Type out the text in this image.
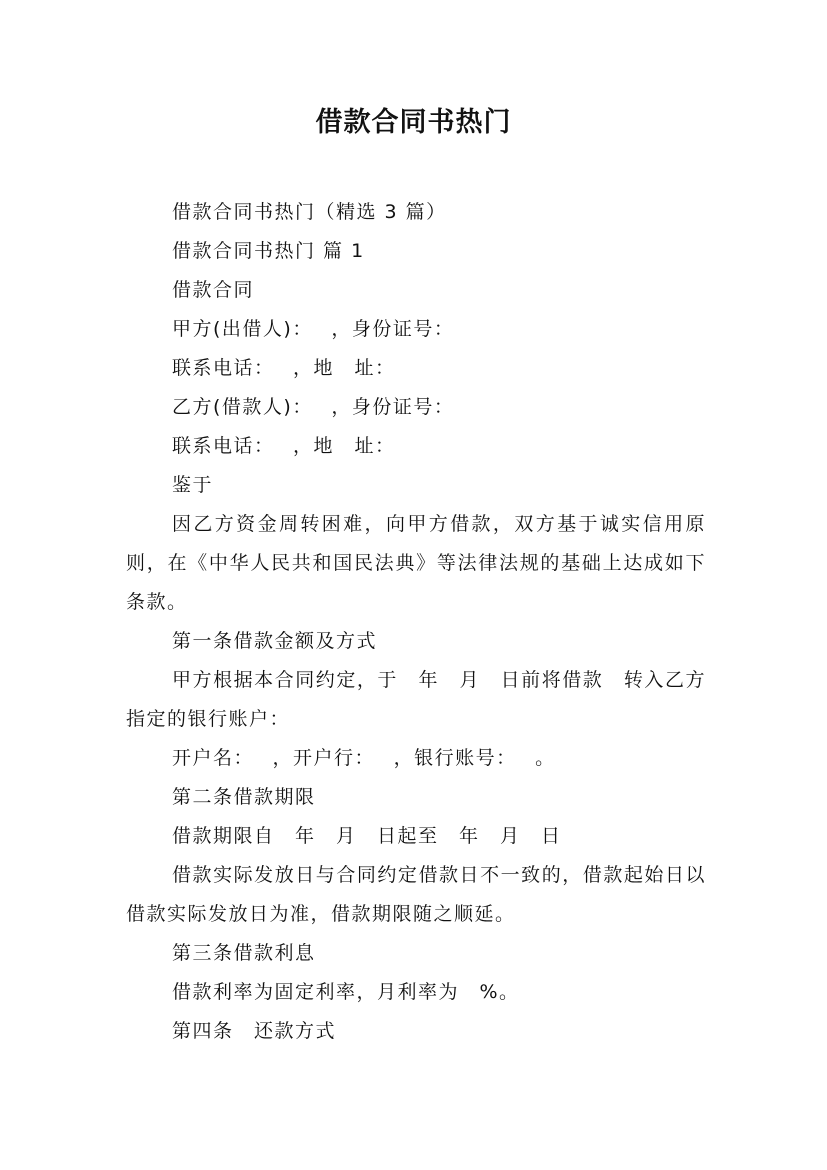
借款合同书热门

借款合同书热门（精选 3 篇）

借款合同书热门 篇 1

借款合同

甲方(出借人)：　 ，身份证号：

联系电话：　 ，地　址：

乙方(借款人)：　 ，身份证号：

联系电话：　 ，地　址：

鉴于

因乙方资金周转困难，向甲方借款，双方基于诚实信用原则，在《中华人民共和国民法典》等法律法规的基础上达成如下条款。

第一条借款金额及方式

甲方根据本合同约定，于　年　月　日前将借款　转入乙方指定的银行账户：

开户名：　 ，开户行：　 ，银行账号：　 。

第二条借款期限

借款期限自　年　月　日起至　年　月　日

借款实际发放日与合同约定借款日不一致的，借款起始日以借款实际发放日为准，借款期限随之顺延。

第三条借款利息

借款利率为固定利率，月利率为　%。

第四条　还款方式
